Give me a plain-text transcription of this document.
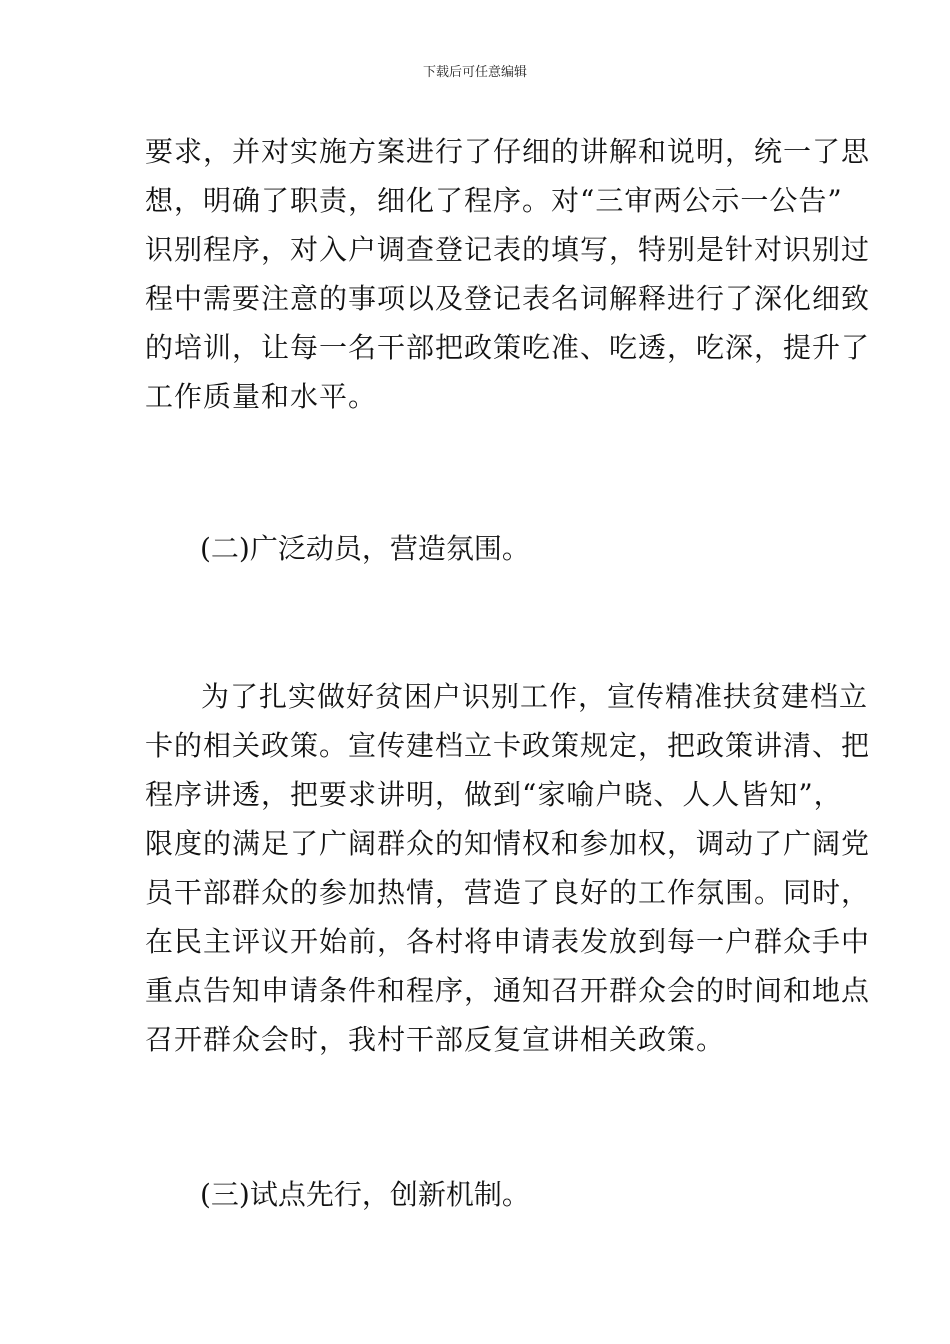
下载后可任意编辑
要求，并对实施方案进行了仔细的讲解和说明，统一了思
想，明确了职责，细化了程序。对“三审两公示一公告”
识别程序，对入户调查登记表的填写，特别是针对识别过
程中需要注意的事项以及登记表名词解释进行了深化细致
的培训，让每一名干部把政策吃准、吃透，吃深，提升了
工作质量和水平。
(二)广泛动员，营造氛围。
为了扎实做好贫困户识别工作，宣传精准扶贫建档立
卡的相关政策。宣传建档立卡政策规定，把政策讲清、把
程序讲透，把要求讲明，做到“家喻户晓、人人皆知”，
限度的满足了广阔群众的知情权和参加权，调动了广阔党
员干部群众的参加热情，营造了良好的工作氛围。同时，
在民主评议开始前，各村将申请表发放到每一户群众手中
重点告知申请条件和程序，通知召开群众会的时间和地点
召开群众会时，我村干部反复宣讲相关政策。
(三)试点先行，创新机制。
